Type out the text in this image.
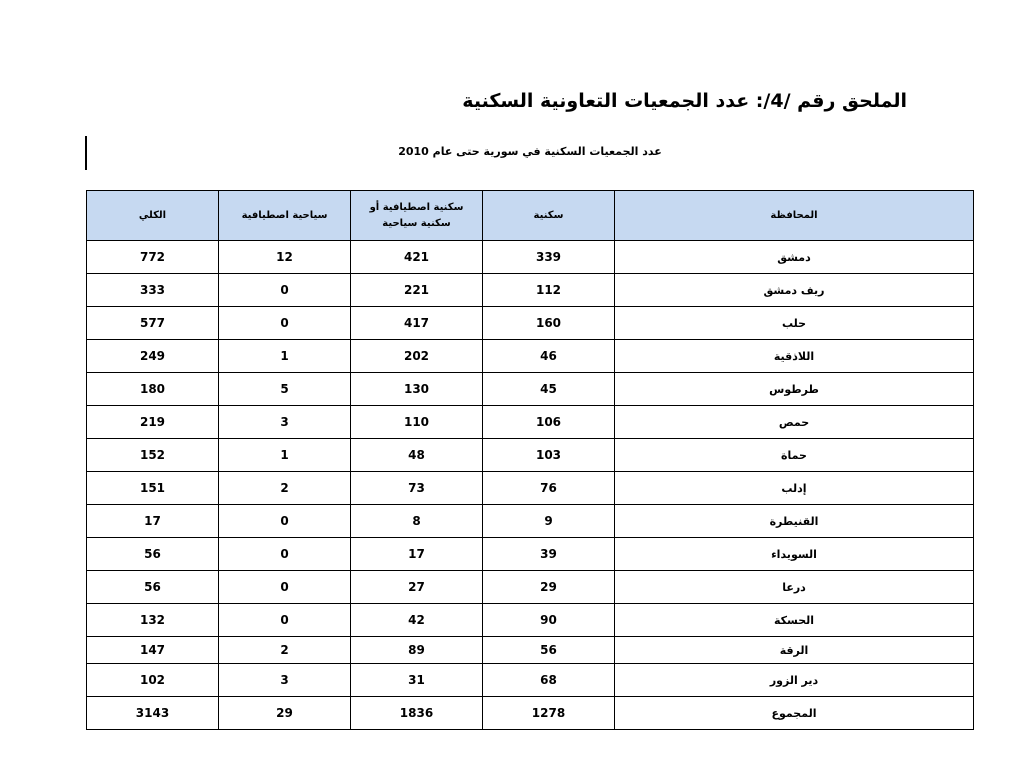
الملحق رقم /4/: عدد الجمعيات التعاونية السكنية
عدد الجمعيات السكنية في سورية حتى عام 2010
المحافظة	سكنية	سكنية اصطيافية أو سكنية سياحية	سياحية اصطيافية	الكلي
دمشق	339	421	12	772
ريف دمشق	112	221	0	333
حلب	160	417	0	577
اللاذقية	46	202	1	249
طرطوس	45	130	5	180
حمص	106	110	3	219
حماة	103	48	1	152
إدلب	76	73	2	151
القنيطرة	9	8	0	17
السويداء	39	17	0	56
درعا	29	27	0	56
الحسكة	90	42	0	132
الرقة	56	89	2	147
دير الزور	68	31	3	102
المجموع	1278	1836	29	3143
